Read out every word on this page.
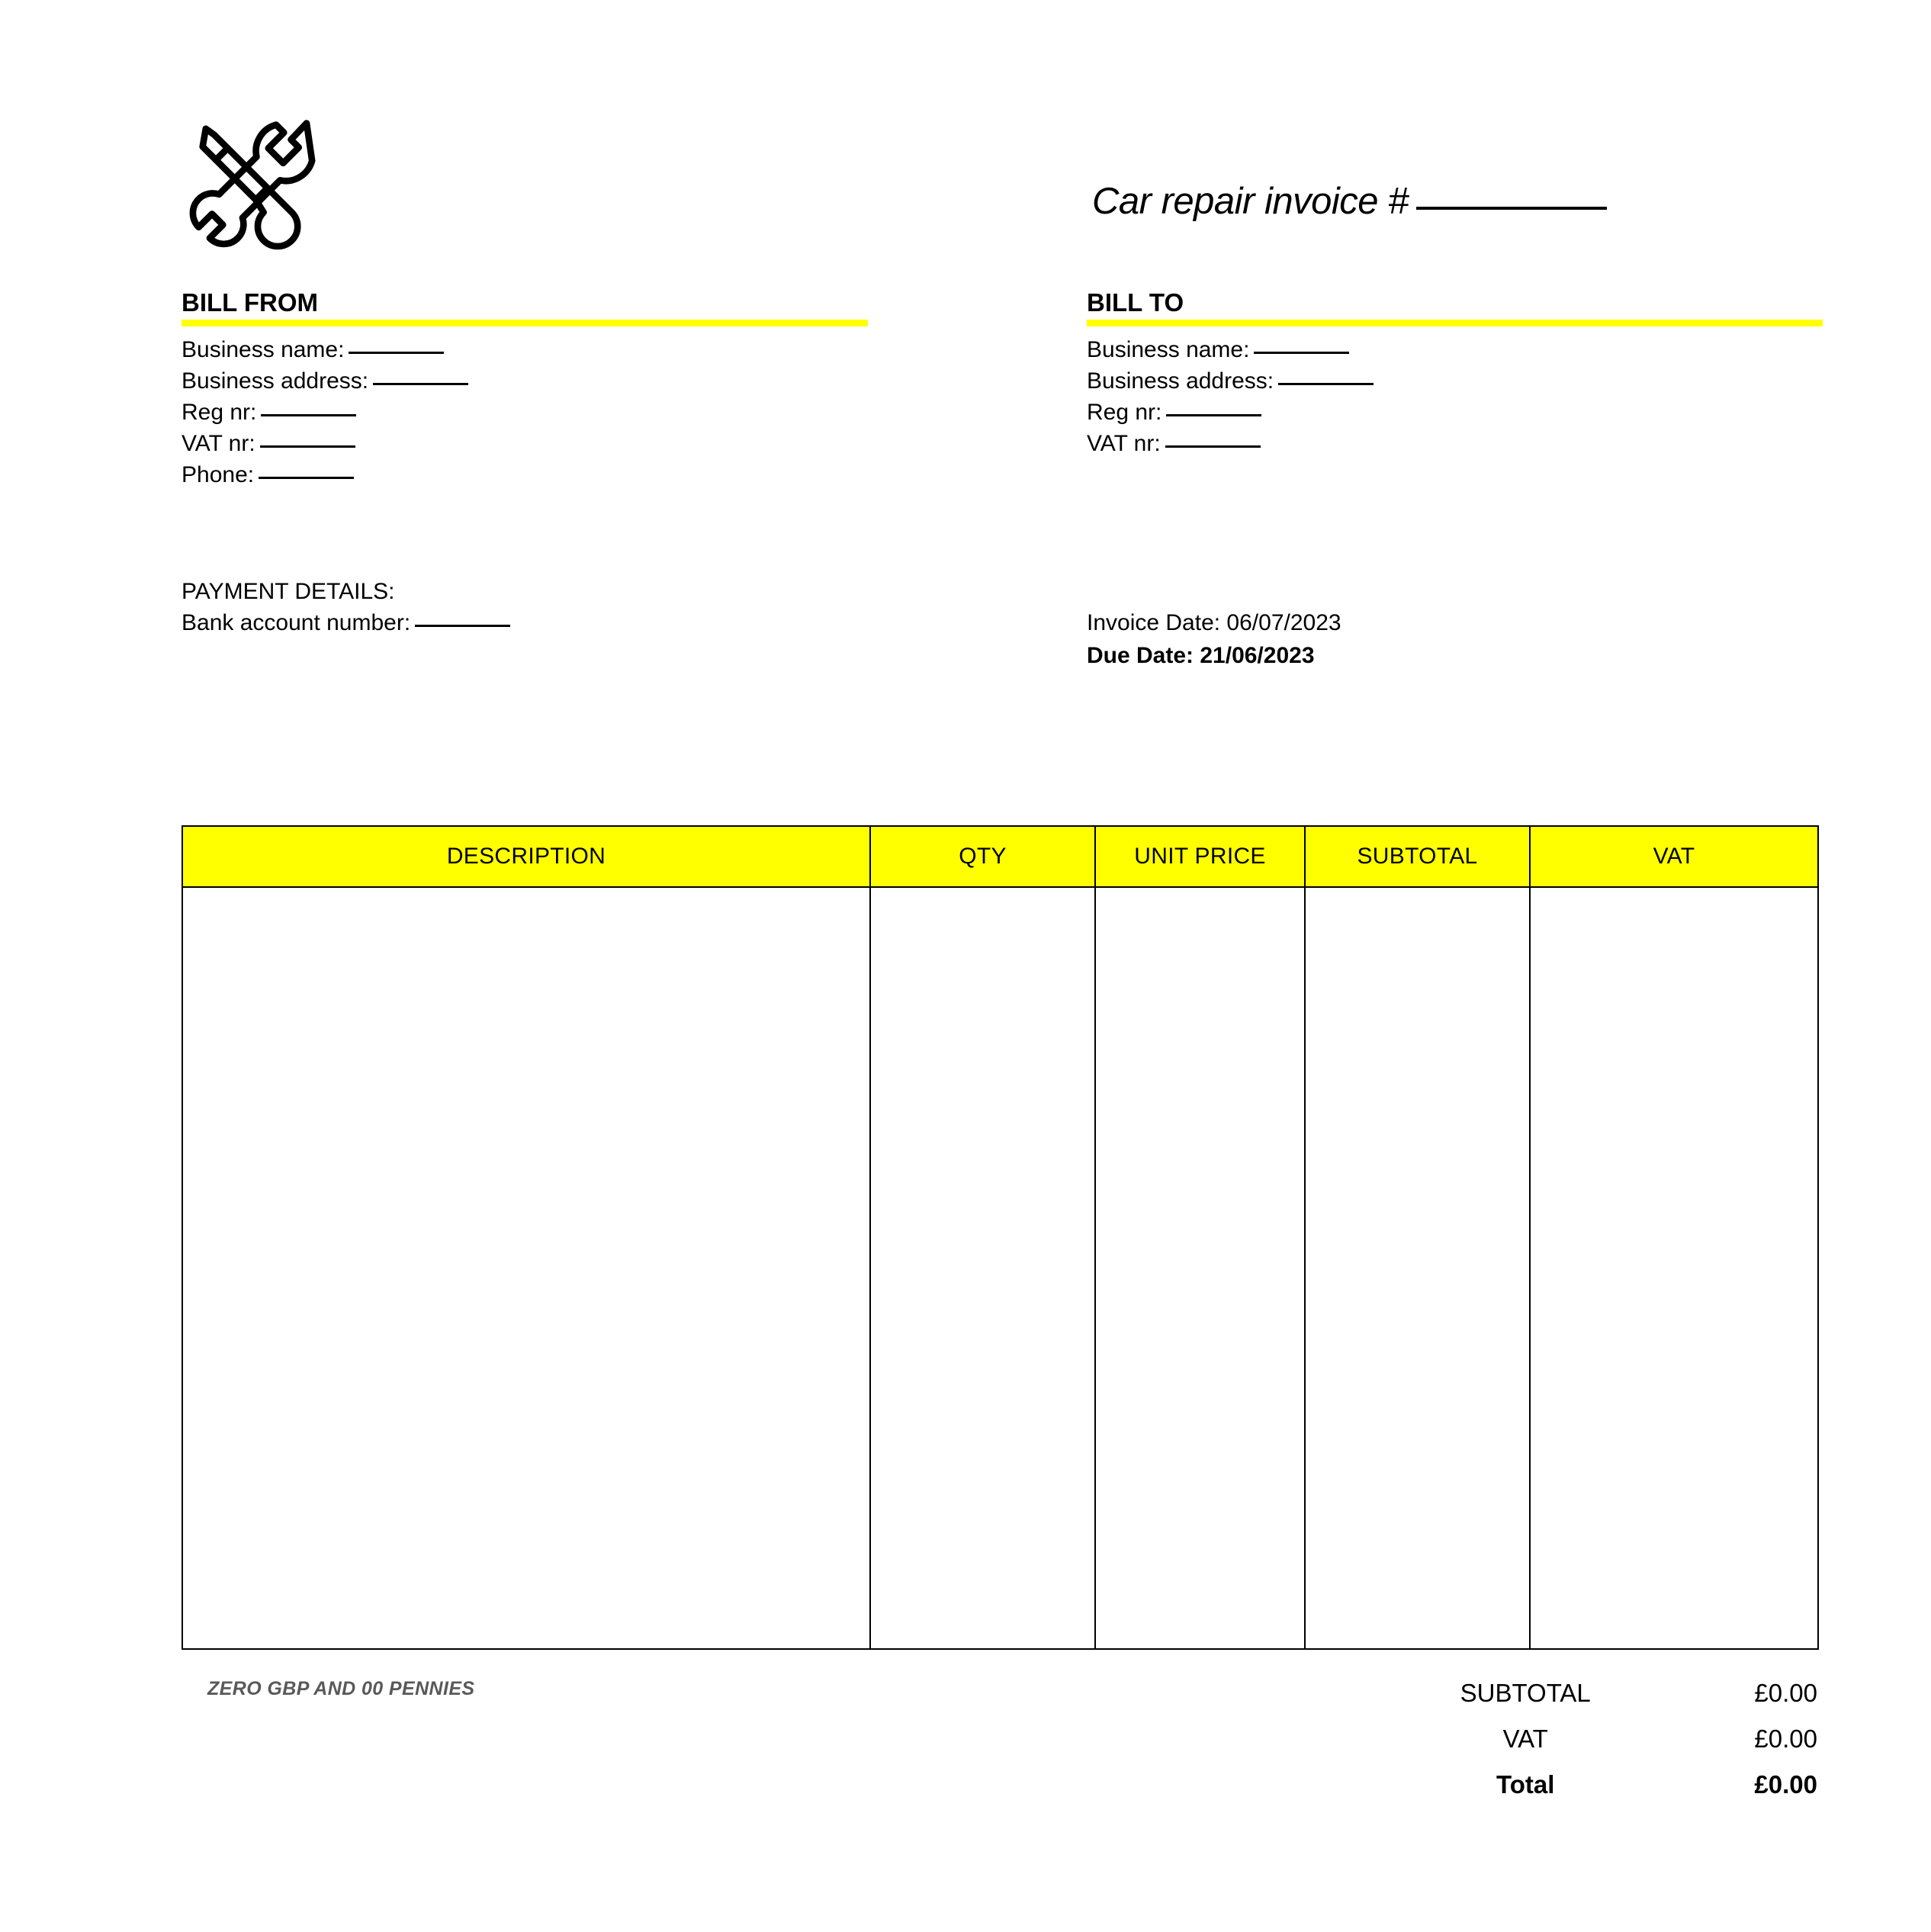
Car repair invoice #
BILL FROM
Business name:
Business address:
Reg nr:
VAT nr:
Phone:
BILL TO
Business name:
Business address:
Reg nr:
VAT nr:
PAYMENT DETAILS:
Bank account number:	Invoice Date: 06/07/2023
Due Date: 21/06/2023
DESCRIPTION	QTY	UNIT PRICE	SUBTOTAL	VAT

ZERO GBP AND 00 PENNIES	SUBTOTAL	£0.00
VAT	£0.00
Total	£0.00
